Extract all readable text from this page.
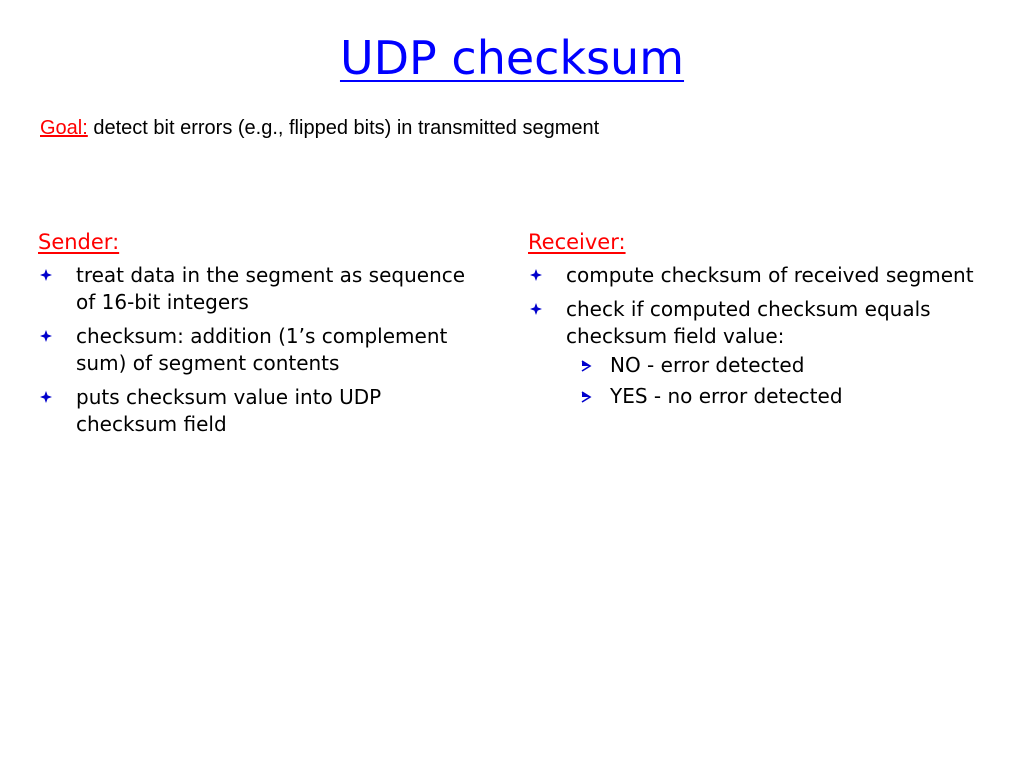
UDP checksum
Goal: detect bit errors (e.g., flipped bits) in transmitted segment
Sender:
treat data in the segment as sequence of 16-bit integers
checksum: addition (1’s complement sum) of segment contents
puts checksum value into UDP checksum field
Receiver:
compute checksum of received segment
check if computed checksum equals checksum field value:
NO - error detected
YES - no error detected
